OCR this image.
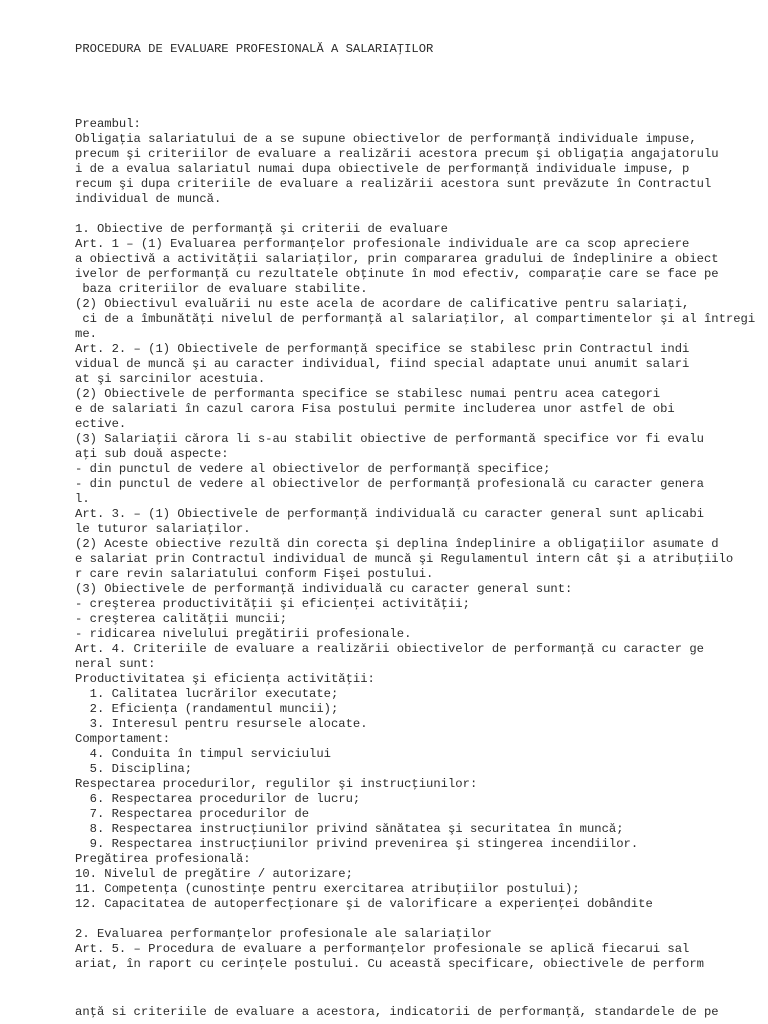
PROCEDURA DE EVALUARE PROFESIONALĂ A SALARIAŢILOR

Preambul:
Obligaţia salariatului de a se supune obiectivelor de performanţă individuale impuse,
precum şi criteriilor de evaluare a realizării acestora precum şi obligaţia angajatorulu
i de a evalua salariatul numai dupa obiectivele de performanţă individuale impuse, p
recum şi dupa criteriile de evaluare a realizării acestora sunt prevăzute în Contractul
individual de muncă.
1. Obiective de performanţă şi criterii de evaluare
Art. 1 – (1) Evaluarea performanţelor profesionale individuale are ca scop apreciere
a obiectivă a activităţii salariaţilor, prin compararea gradului de îndeplinire a obiect
ivelor de performanţă cu rezultatele obţinute în mod efectiv, comparaţie care se face pe
baza criteriilor de evaluare stabilite.
(2) Obiectivul evaluării nu este acela de acordare de calificative pentru salariaţi,
ci de a îmbunătăţi nivelul de performanţă al salariaţilor, al compartimentelor şi al întregi
me.
Art. 2. – (1) Obiectivele de performanţă specifice se stabilesc prin Contractul indi
vidual de muncă şi au caracter individual, fiind special adaptate unui anumit salari
at şi sarcinilor acestuia.
(2) Obiectivele de performanta specifice se stabilesc numai pentru acea categori
e de salariati în cazul carora Fisa postului permite includerea unor astfel de obi
ective.
(3) Salariaţii cărora li s-au stabilit obiective de performantă specifice vor fi evalu
aţi sub două aspecte:
- din punctul de vedere al obiectivelor de performanţă specifice;
- din punctul de vedere al obiectivelor de performanţă profesională cu caracter genera
l.
Art. 3. – (1) Obiectivele de performanţă individuală cu caracter general sunt aplicabi
le tuturor salariaţilor.
(2) Aceste obiective rezultă din corecta şi deplina îndeplinire a obligaţiilor asumate d
e salariat prin Contractul individual de muncă şi Regulamentul intern cât şi a atribuţiilo
r care revin salariatului conform Fişei postului.
(3) Obiectivele de performanţă individuală cu caracter general sunt:
- creşterea productivităţii şi eficienţei activităţii;
- creşterea calităţii muncii;
- ridicarea nivelului pregătirii profesionale.
Art. 4. Criteriile de evaluare a realizării obiectivelor de performanţă cu caracter ge
neral sunt:
Productivitatea şi eficienţa activităţii:
1. Calitatea lucrărilor executate;
2. Eficienţa (randamentul muncii);
3. Interesul pentru resursele alocate.
Comportament:
4. Conduita în timpul serviciului
5. Disciplina;
Respectarea procedurilor, regulilor şi instrucţiunilor:
6. Respectarea procedurilor de lucru;
7. Respectarea procedurilor de
8. Respectarea instrucţiunilor privind sănătatea şi securitatea în muncă;
9. Respectarea instrucţiunilor privind prevenirea şi stingerea incendiilor.
Pregătirea profesională:
10. Nivelul de pregătire / autorizare;
11. Competenţa (cunostinţe pentru exercitarea atribuţiilor postului);
12. Capacitatea de autoperfecţionare şi de valorificare a experienţei dobândite
2. Evaluarea performanţelor profesionale ale salariaţilor
Art. 5. – Procedura de evaluare a performanţelor profesionale se aplică fiecarui sal
ariat, în raport cu cerinţele postului. Cu această specificare, obiectivele de perform

anţă si criteriile de evaluare a acestora, indicatorii de performanţă, standardele de pe
